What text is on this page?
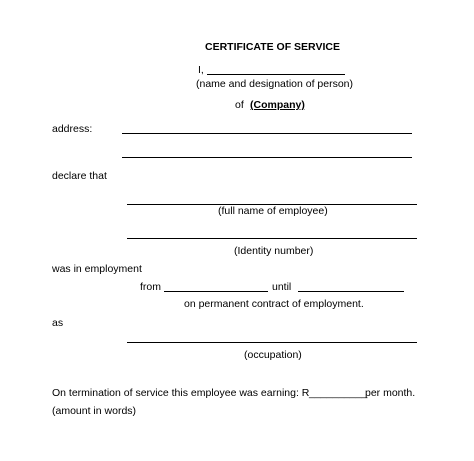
CERTIFICATE OF SERVICE
I,
(name and designation of person)
of (Company)
address:
declare that
(full name of employee)
(Identity number)
was in employment
from	until
on permanent contract of employment.
as
(occupation)
On termination of service this employee was earning: R __________
per month.
(amount in words)
